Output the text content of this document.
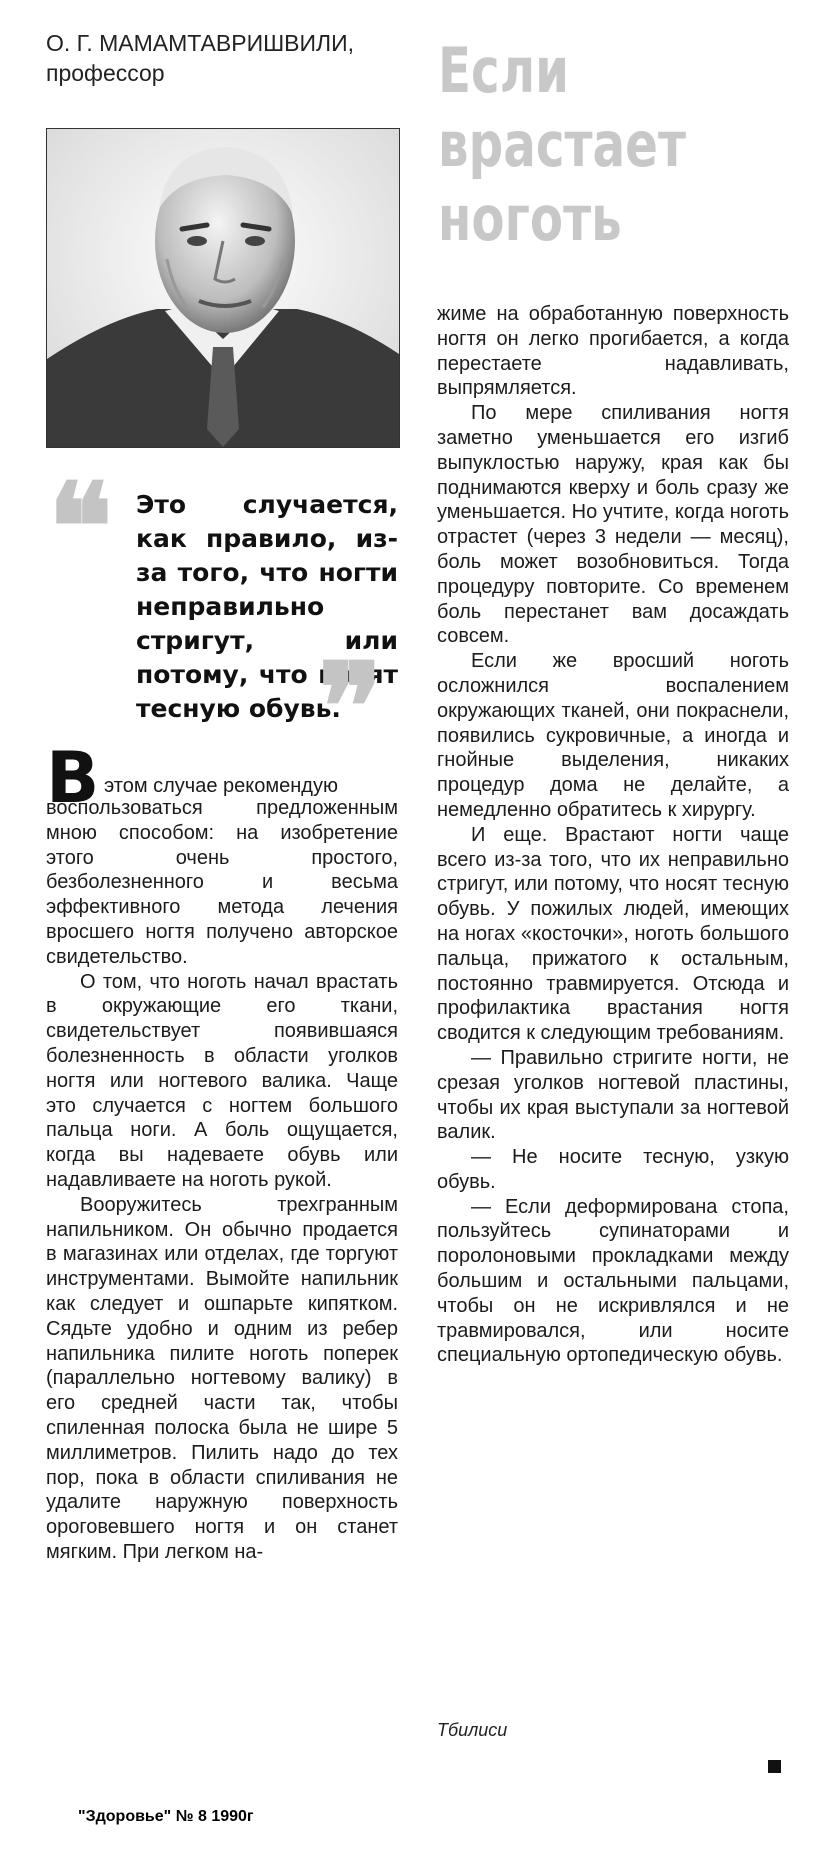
О. Г. МАМАМТАВРИШВИЛИ,
профессор	Если
врастает
ноготь
❝ Это случается, как правило, из-за того, что ногти неправильно стригут, или потому, что носят тесную обувь.
❞
В этом случае рекомендую

воспользоваться предложенным мною способом: на изобретение этого очень простого, безболезненного и весьма эффективного метода лечения вросшего ногтя получено авторское свидетельство.

О том, что ноготь начал врастать в окружающие его ткани, свидетельствует появившаяся болезненность в области уголков ногтя или ногтевого валика. Чаще это случается с ногтем большого пальца ноги. А боль ощущается, когда вы надеваете обувь или надавливаете на ноготь рукой.

Вооружитесь трехгранным напильником. Он обычно продается в магазинах или отделах, где торгуют инструментами. Вымойте напильник как следует и ошпарьте кипятком. Сядьте удобно и одним из ребер напильника пилите ноготь поперек (параллельно ногтевому валику) в его средней части так, чтобы спиленная полоска была не шире 5 миллиметров. Пилить надо до тех пор, пока в области спиливания не удалите наружную поверхность ороговевшего ногтя и он станет мягким. При легком на-

жиме на обработанную поверхность ногтя он легко прогибается, а когда перестаете надавливать, выпрямляется.

По мере спиливания ногтя заметно уменьшается его изгиб выпуклостью наружу, края как бы поднимаются кверху и боль сразу же уменьшается. Но учтите, когда ноготь отрастет (через 3 недели — месяц), боль может возобновиться. Тогда процедуру повторите. Со временем боль перестанет вам досаждать совсем.

Если же вросший ноготь осложнился воспалением окружающих тканей, они покраснели, появились сукровичные, а иногда и гнойные выделения, никаких процедур дома не делайте, а немедленно обратитесь к хирургу.

И еще. Врастают ногти чаще всего из-за того, что их неправильно стригут, или потому, что носят тесную обувь. У пожилых людей, имеющих на ногах «косточки», ноготь большого пальца, прижатого к остальным, постоянно травмируется. Отсюда и профилактика врастания ногтя сводится к следующим требованиям.

— Правильно стригите ногти, не срезая уголков ногтевой пластины, чтобы их края выступали за ногтевой валик.

— Не носите тесную, узкую обувь.

— Если деформирована стопа, пользуйтесь супинаторами и поролоновыми прокладками между большим и остальными пальцами, чтобы он не искривлялся и не травмировался, или носите специальную ортопедическую обувь.

Тбилиси
"Здоровье" № 8 1990г
